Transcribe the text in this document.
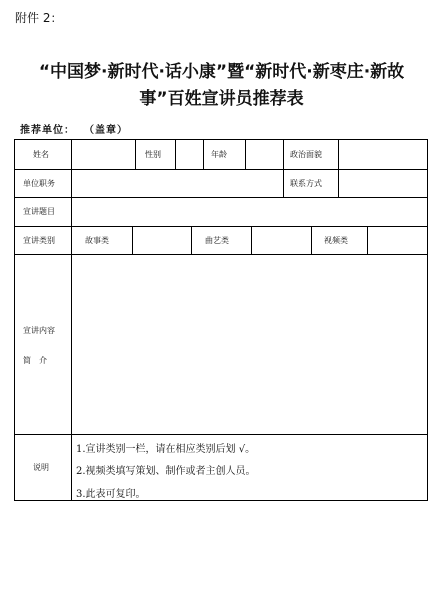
附件 2：
“中国梦·新时代·话小康”暨“新时代·新枣庄·新故
事”百姓宣讲员推荐表
推荐单位： （盖章）
姓名	性别	年龄	政治面貌
单位职务	联系方式
宣讲题目
宣讲类别	故事类	曲艺类	视频类
宣讲内容
简　介
说明
1.宣讲类别一栏，请在相应类别后划 √。
2.视频类填写策划、制作或者主创人员。
3.此表可复印。
